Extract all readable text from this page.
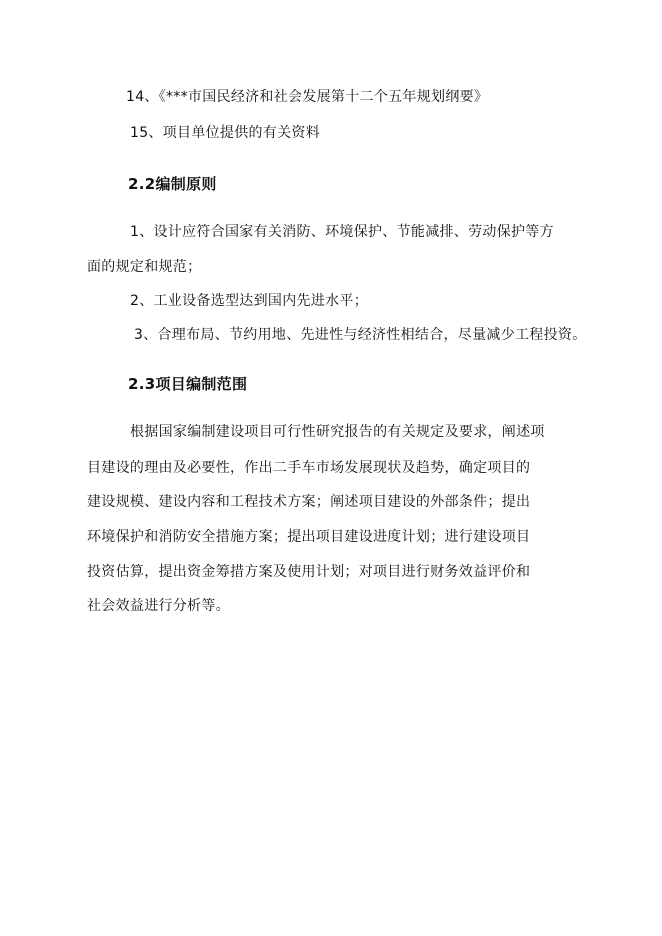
14、《***市国民经济和社会发展第十二个五年规划纲要》
15、项目单位提供的有关资料
2.2编制原则
1、设计应符合国家有关消防、环境保护、节能减排、劳动保护等方
面的规定和规范；
2、工业设备选型达到国内先进水平；
3、合理布局、节约用地、先进性与经济性相结合，尽量减少工程投资。
2.3项目编制范围
根据国家编制建设项目可行性研究报告的有关规定及要求，阐述项
目建设的理由及必要性，作出二手车市场发展现状及趋势，确定项目的
建设规模、建设内容和工程技术方案；阐述项目建设的外部条件；提出
环境保护和消防安全措施方案；提出项目建设进度计划；进行建设项目
投资估算，提出资金筹措方案及使用计划；对项目进行财务效益评价和
社会效益进行分析等。
